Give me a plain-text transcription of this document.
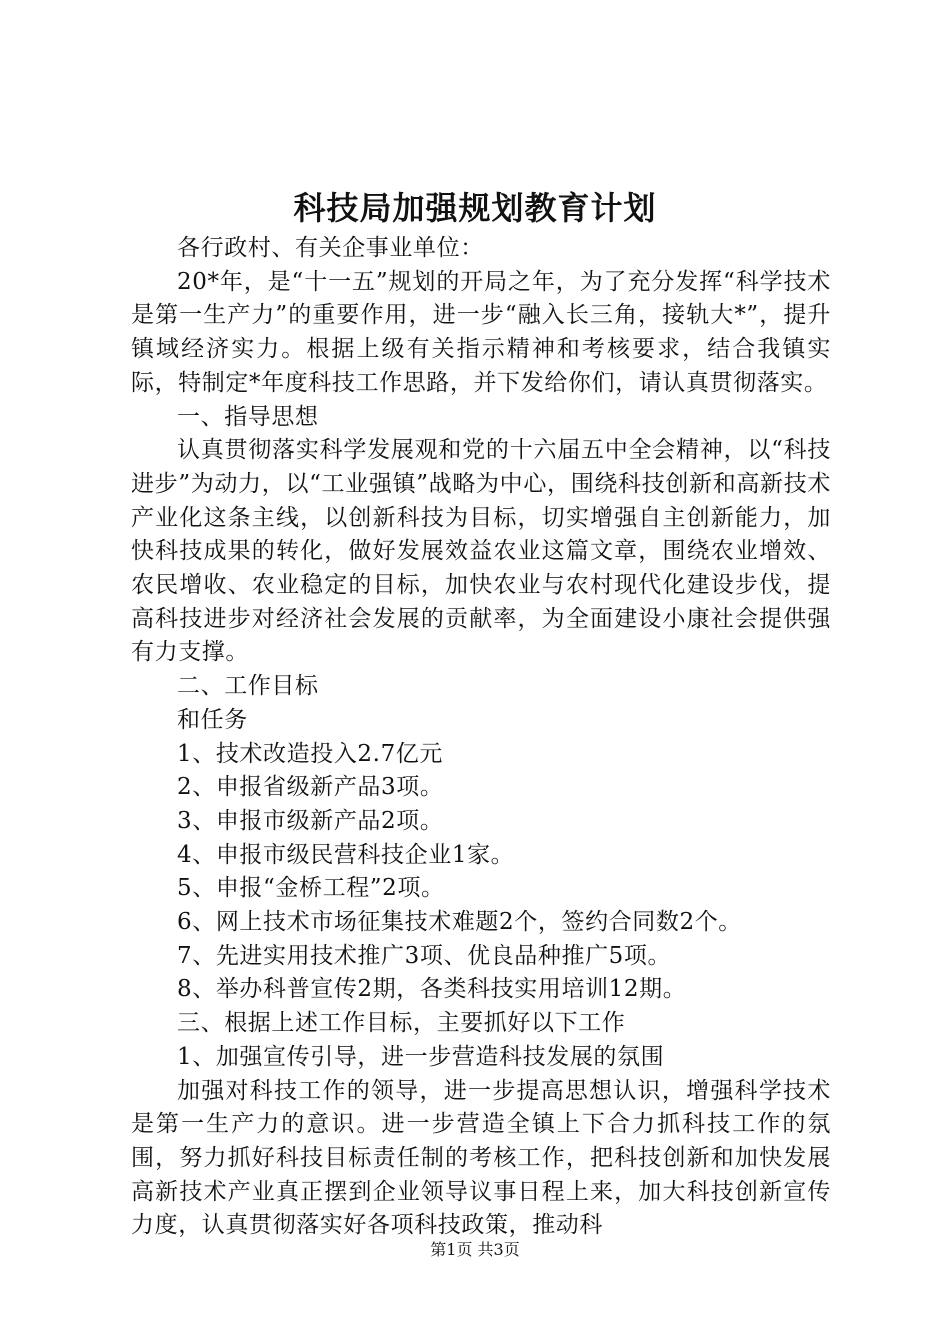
科技局加强规划教育计划

各行政村、有关企事业单位：

20*年，是“十一五”规划的开局之年，为了充分发挥“科学技术是第一生产力”的重要作用，进一步“融入长三角，接轨大*”，提升镇域经济实力。根据上级有关指示精神和考核要求，结合我镇实际，特制定*年度科技工作思路，并下发给你们，请认真贯彻落实。

一、指导思想

认真贯彻落实科学发展观和党的十六届五中全会精神，以“科技进步”为动力，以“工业强镇”战略为中心，围绕科技创新和高新技术产业化这条主线，以创新科技为目标，切实增强自主创新能力，加快科技成果的转化，做好发展效益农业这篇文章，围绕农业增效、农民增收、农业稳定的目标，加快农业与农村现代化建设步伐，提高科技进步对经济社会发展的贡献率，为全面建设小康社会提供强有力支撑。

二、工作目标

和任务

1、技术改造投入2.7亿元

2、申报省级新产品3项。

3、申报市级新产品2项。

4、申报市级民营科技企业1家。

5、申报“金桥工程”2项。

6、网上技术市场征集技术难题2个，签约合同数2个。

7、先进实用技术推广3项、优良品种推广5项。

8、举办科普宣传2期，各类科技实用培训12期。

三、根据上述工作目标，主要抓好以下工作

1、加强宣传引导，进一步营造科技发展的氛围

加强对科技工作的领导，进一步提高思想认识，增强科学技术是第一生产力的意识。进一步营造全镇上下合力抓科技工作的氛围，努力抓好科技目标责任制的考核工作，把科技创新和加快发展高新技术产业真正摆到企业领导议事日程上来，加大科技创新宣传力度，认真贯彻落实好各项科技政策，推动科

第1页 共3页
